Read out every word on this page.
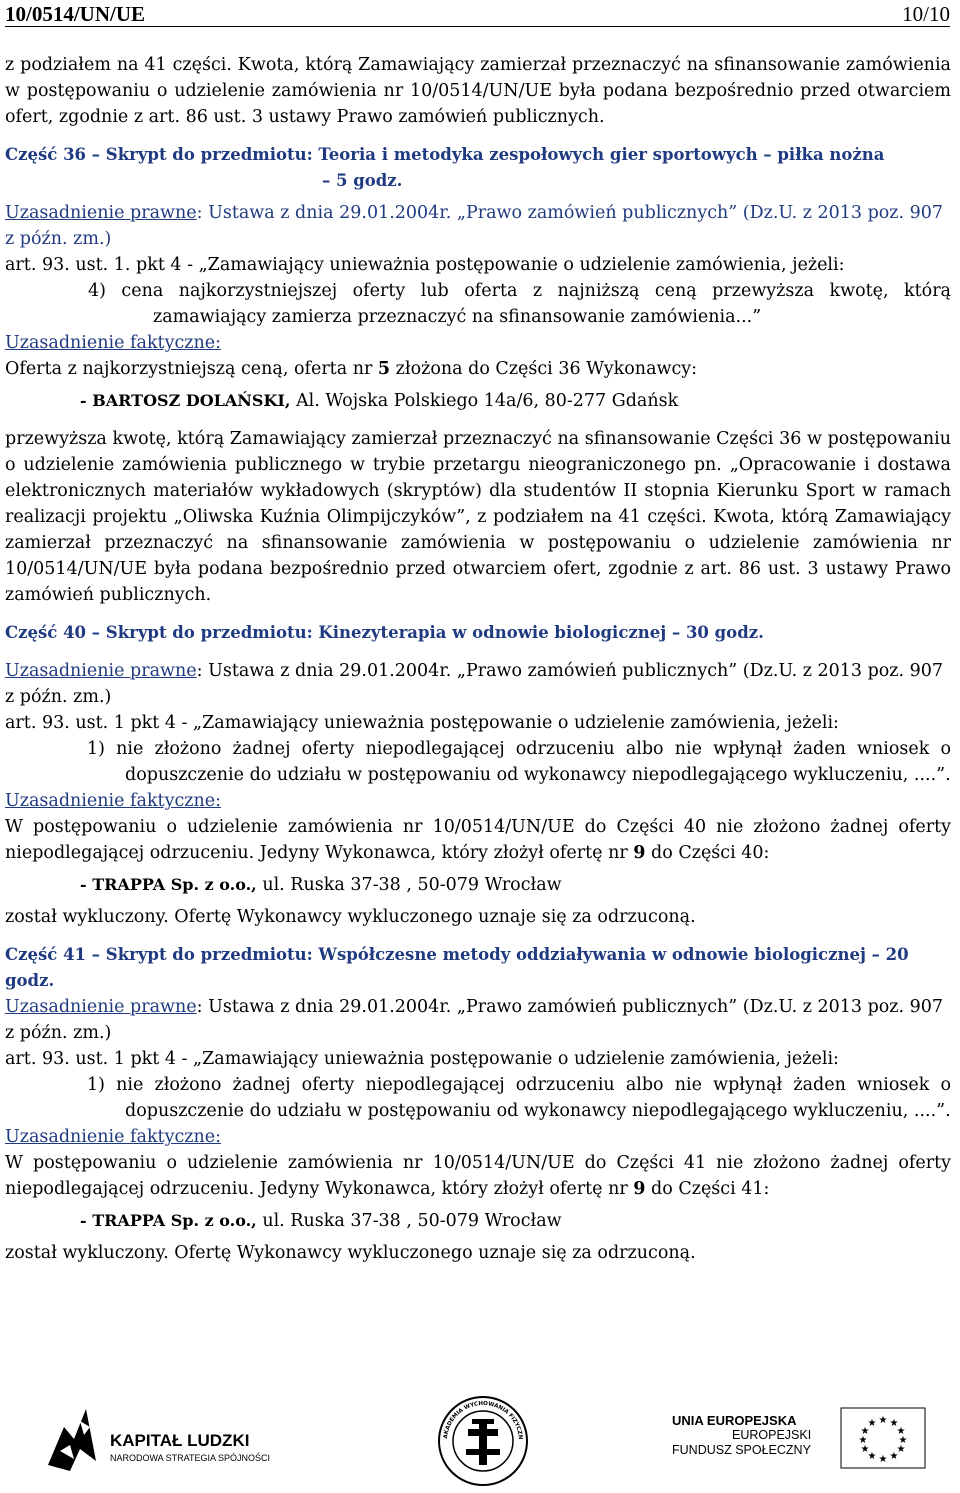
10/0514/UN/UE	10/10

z podziałem na 41 części. Kwota, którą Zamawiający zamierzał przeznaczyć na sfinansowanie zamówienia w postępowaniu o udzielenie zamówienia nr 10/0514/UN/UE była podana bezpośrednio przed otwarciem ofert, zgodnie z art. 86 ust. 3 ustawy Prawo zamówień publicznych.

Część 36 – Skrypt do przedmiotu: Teoria i metodyka zespołowych gier sportowych – piłka nożna
– 5 godz.

Uzasadnienie prawne: Ustawa z dnia 29.01.2004r. „Prawo zamówień publicznych” (Dz.U. z 2013 poz. 907 z późn. zm.)

art. 93. ust. 1. pkt 4 - „Zamawiający unieważnia postępowanie o udzielenie zamówienia, jeżeli:

4) cena najkorzystniejszej oferty lub oferta z najniższą ceną przewyższa kwotę, którą zamawiający zamierza przeznaczyć na sfinansowanie zamówienia...”

Uzasadnienie faktyczne:

Oferta z najkorzystniejszą ceną, oferta nr 5 złożona do Części 36 Wykonawcy:

- BARTOSZ DOLAŃSKI, Al. Wojska Polskiego 14a/6, 80-277 Gdańsk

przewyższa kwotę, którą Zamawiający zamierzał przeznaczyć na sfinansowanie Części 36 w postępowaniu o udzielenie zamówienia publicznego w trybie przetargu nieograniczonego pn. „Opracowanie i dostawa elektronicznych materiałów wykładowych (skryptów) dla studentów II stopnia Kierunku Sport w ramach realizacji projektu „Oliwska Kuźnia Olimpijczyków”, z podziałem na 41 części. Kwota, którą Zamawiający zamierzał przeznaczyć na sfinansowanie zamówienia w postępowaniu o udzielenie zamówienia nr 10/0514/UN/UE była podana bezpośrednio przed otwarciem ofert, zgodnie z art. 86 ust. 3 ustawy Prawo zamówień publicznych.

Część 40 – Skrypt do przedmiotu: Kinezyterapia w odnowie biologicznej – 30 godz.

Uzasadnienie prawne: Ustawa z dnia 29.01.2004r. „Prawo zamówień publicznych” (Dz.U. z 2013 poz. 907 z późn. zm.)

art. 93. ust. 1 pkt 4 - „Zamawiający unieważnia postępowanie o udzielenie zamówienia, jeżeli:

1) nie złożono żadnej oferty niepodlegającej odrzuceniu albo nie wpłynął żaden wniosek o dopuszczenie do udziału w postępowaniu od wykonawcy niepodlegającego wykluczeniu, ....”.

Uzasadnienie faktyczne:

W postępowaniu o udzielenie zamówienia nr 10/0514/UN/UE do Części 40 nie złożono żadnej oferty niepodlegającej odrzuceniu. Jedyny Wykonawca, który złożył ofertę nr 9 do Części 40:

- TRAPPA Sp. z o.o., ul. Ruska 37-38 , 50-079 Wrocław

został wykluczony. Ofertę Wykonawcy wykluczonego uznaje się za odrzuconą.

Część 41 – Skrypt do przedmiotu: Współczesne metody oddziaływania w odnowie biologicznej – 20 godz.

Uzasadnienie prawne: Ustawa z dnia 29.01.2004r. „Prawo zamówień publicznych” (Dz.U. z 2013 poz. 907 z późn. zm.)

art. 93. ust. 1 pkt 4 - „Zamawiający unieważnia postępowanie o udzielenie zamówienia, jeżeli:

1) nie złożono żadnej oferty niepodlegającej odrzuceniu albo nie wpłynął żaden wniosek o dopuszczenie do udziału w postępowaniu od wykonawcy niepodlegającego wykluczeniu, ....”.

Uzasadnienie faktyczne:

W postępowaniu o udzielenie zamówienia nr 10/0514/UN/UE do Części 41 nie złożono żadnej oferty niepodlegającej odrzuceniu. Jedyny Wykonawca, który złożył ofertę nr 9 do Części 41:

- TRAPPA Sp. z o.o., ul. Ruska 37-38 , 50-079 Wrocław

został wykluczony. Ofertę Wykonawcy wykluczonego uznaje się za odrzuconą.

KAPITAŁ LUDZKI
NARODOWA STRATEGIA SPÓJNOŚCI
AKADEMIA WYCHOWANIA FIZYCZN
UNIA EUROPEJSKA
EUROPEJSKI
FUNDUSZ SPOŁECZNY
★ ★
★
★
★
★
★
★
★
★
★
★
